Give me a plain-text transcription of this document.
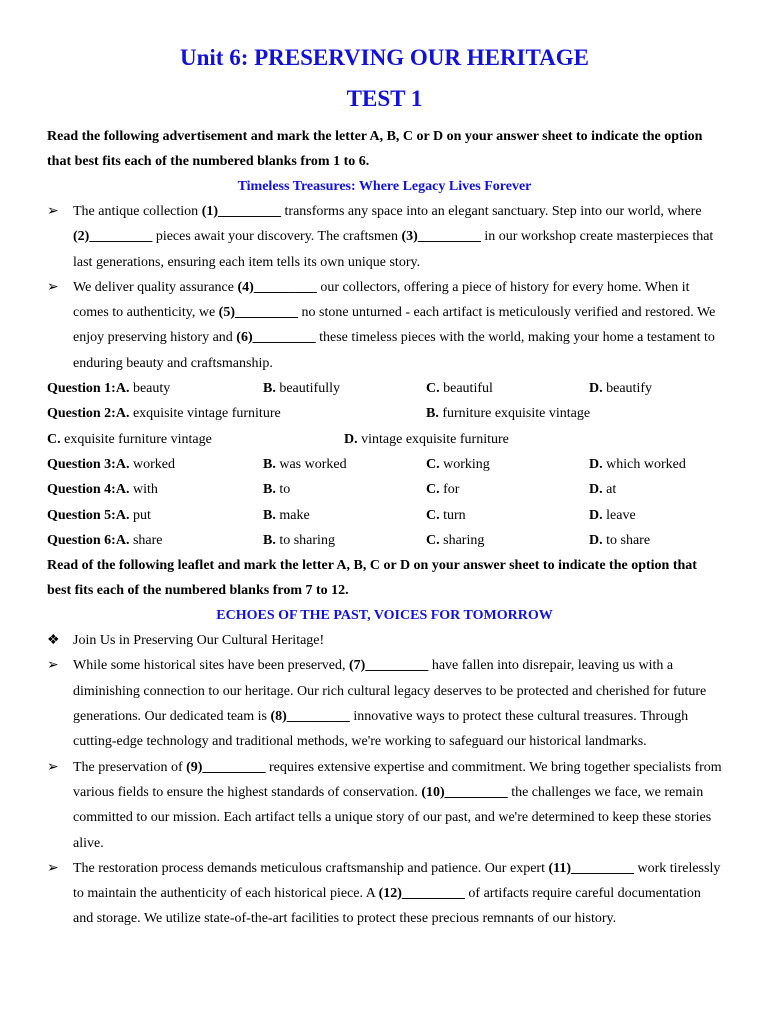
Unit 6: PRESERVING OUR HERITAGE
TEST 1

Read the following advertisement and mark the letter A, B, C or D on your answer sheet to indicate the option that best fits each of the numbered blanks from 1 to 6.

Timeless Treasures: Where Legacy Lives Forever
➢	The antique collection (1)_________ transforms any space into an elegant sanctuary. Step into our world, where (2)_________ pieces await your discovery. The craftsmen (3)_________ in our workshop create masterpieces that last generations, ensuring each item tells its own unique story.
➢	We deliver quality assurance (4)_________ our collectors, offering a piece of history for every home. When it comes to authenticity, we (5)_________ no stone unturned - each artifact is meticulously verified and restored. We enjoy preserving history and (6)_________ these timeless pieces with the world, making your home a testament to enduring beauty and craftsmanship.
Question 1:A. beauty	B. beautifully	C. beautiful	D. beautify
Question 2:A. exquisite vintage furniture	B. furniture exquisite vintage
C. exquisite furniture vintage	D. vintage exquisite furniture
Question 3:A. worked	B. was worked	C. working	D. which worked
Question 4:A. with	B. to	C. for	D. at
Question 5:A. put	B. make	C. turn	D. leave
Question 6:A. share	B. to sharing	C. sharing	D. to share

Read of the following leaflet and mark the letter A, B, C or D on your answer sheet to indicate the option that best fits each of the numbered blanks from 7 to 12.

ECHOES OF THE PAST, VOICES FOR TOMORROW
❖ Join Us in Preserving Our Cultural Heritage!
➢	While some historical sites have been preserved, (7)_________ have fallen into disrepair, leaving us with a diminishing connection to our heritage. Our rich cultural legacy deserves to be protected and cherished for future generations. Our dedicated team is (8)_________ innovative ways to protect these cultural treasures. Through cutting-edge technology and traditional methods, we're working to safeguard our historical landmarks.
➢	The preservation of (9)_________ requires extensive expertise and commitment. We bring together specialists from various fields to ensure the highest standards of conservation. (10)_________ the challenges we face, we remain committed to our mission. Each artifact tells a unique story of our past, and we're determined to keep these stories alive.
➢	The restoration process demands meticulous craftsmanship and patience. Our expert (11)_________ work tirelessly to maintain the authenticity of each historical piece. A (12)_________ of artifacts require careful documentation and storage. We utilize state-of-the-art facilities to protect these precious remnants of our history.
